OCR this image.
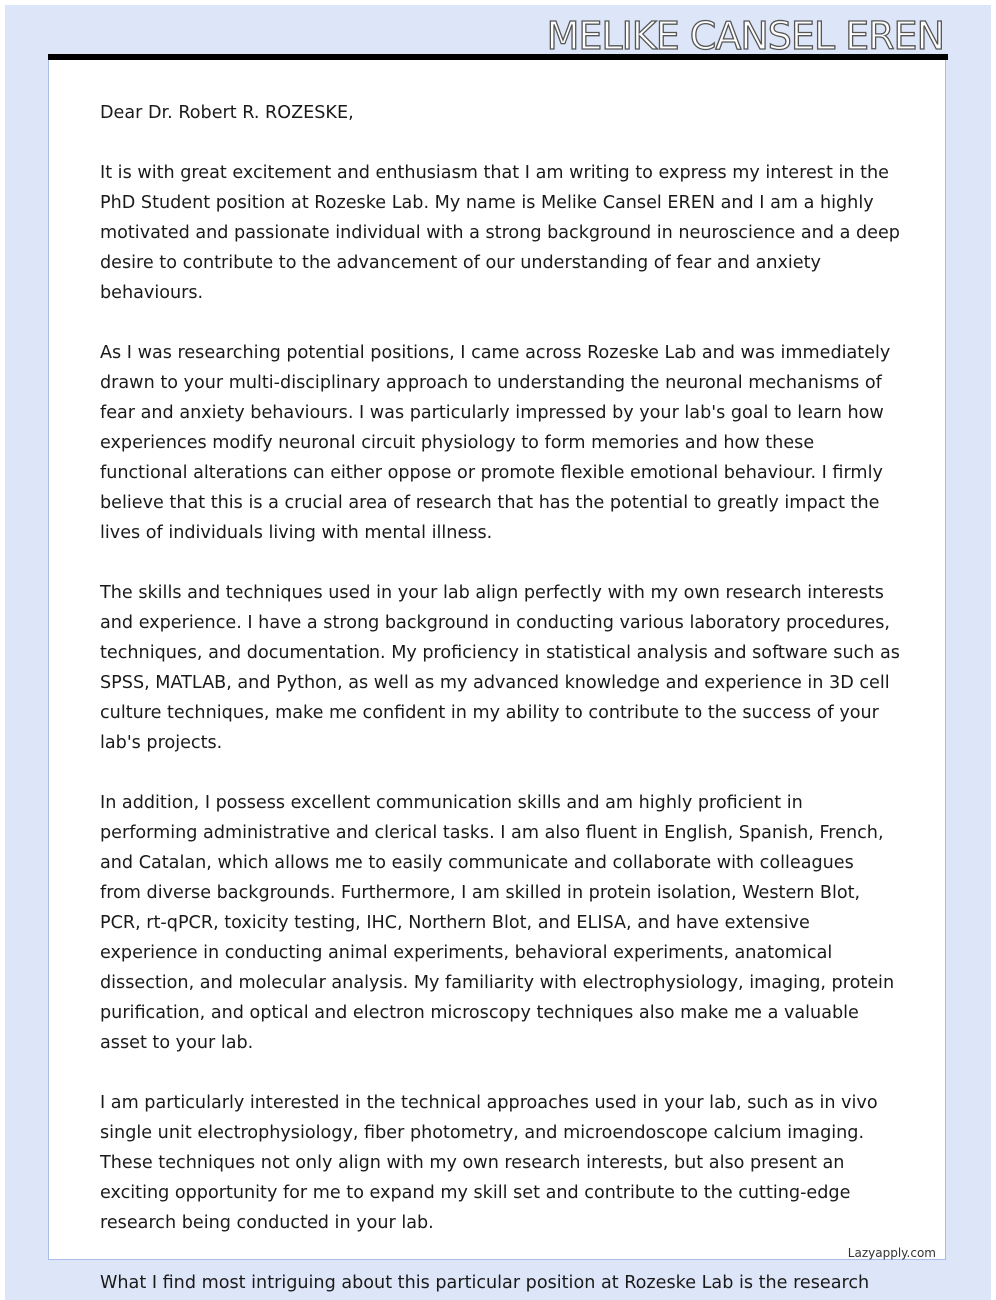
MELIKE CANSEL EREN

Dear Dr. Robert R. ROZESKE,

It is with great excitement and enthusiasm that I am writing to express my interest in the PhD Student position at Rozeske Lab. My name is Melike Cansel EREN and I am a highly motivated and passionate individual with a strong background in neuroscience and a deep desire to contribute to the advancement of our understanding of fear and anxiety behaviours.

As I was researching potential positions, I came across Rozeske Lab and was immediately drawn to your multi-disciplinary approach to understanding the neuronal mechanisms of fear and anxiety behaviours. I was particularly impressed by your lab's goal to learn how experiences modify neuronal circuit physiology to form memories and how these functional alterations can either oppose or promote flexible emotional behaviour. I firmly believe that this is a crucial area of research that has the potential to greatly impact the lives of individuals living with mental illness.

The skills and techniques used in your lab align perfectly with my own research interests and experience. I have a strong background in conducting various laboratory procedures, techniques, and documentation. My proficiency in statistical analysis and software such as SPSS, MATLAB, and Python, as well as my advanced knowledge and experience in 3D cell culture techniques, make me confident in my ability to contribute to the success of your lab's projects.

In addition, I possess excellent communication skills and am highly proficient in performing administrative and clerical tasks. I am also fluent in English, Spanish, French, and Catalan, which allows me to easily communicate and collaborate with colleagues from diverse backgrounds. Furthermore, I am skilled in protein isolation, Western Blot, PCR, rt-qPCR, toxicity testing, IHC, Northern Blot, and ELISA, and have extensive experience in conducting animal experiments, behavioral experiments, anatomical dissection, and molecular analysis. My familiarity with electrophysiology, imaging, protein purification, and optical and electron microscopy techniques also make me a valuable asset to your lab.

I am particularly interested in the technical approaches used in your lab, such as in vivo single unit electrophysiology, fiber photometry, and microendoscope calcium imaging. These techniques not only align with my own research interests, but also present an exciting opportunity for me to expand my skill set and contribute to the cutting-edge research being conducted in your lab.

Lazyapply.com
What I find most intriguing about this particular position at Rozeske Lab is the research
